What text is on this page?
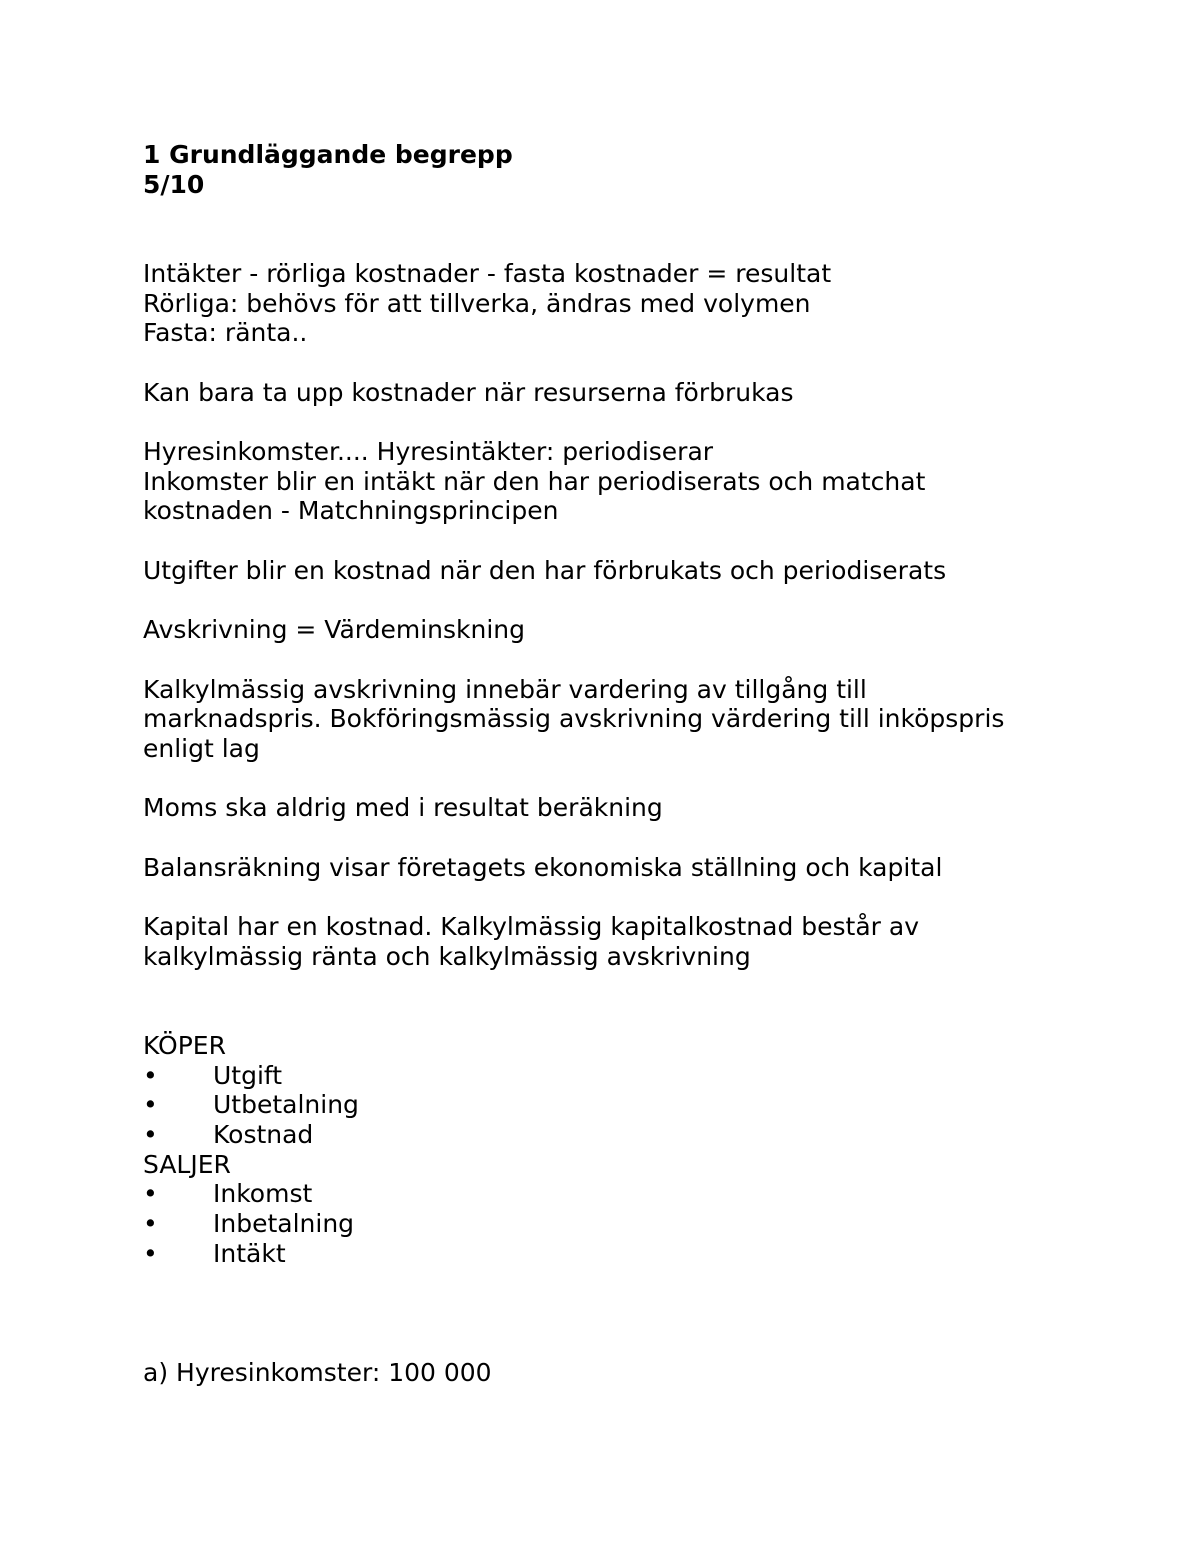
1 Grundläggande begrepp

5/10

Intäkter - rörliga kostnader - fasta kostnader = resultat

Rörliga: behövs för att tillverka, ändras med volymen

Fasta: ränta..

Kan bara ta upp kostnader när resurserna förbrukas

Hyresinkomster.... Hyresintäkter: periodiserar

Inkomster blir en intäkt när den har periodiserats och matchat

kostnaden - Matchningsprincipen

Utgifter blir en kostnad när den har förbrukats och periodiserats

Avskrivning = Värdeminskning

Kalkylmässig avskrivning innebär vardering av tillgång till

marknadspris. Bokföringsmässig avskrivning värdering till inköpspris

enligt lag

Moms ska aldrig med i resultat beräkning

Balansräkning visar företagets ekonomiska ställning och kapital

Kapital har en kostnad. Kalkylmässig kapitalkostnad består av

kalkylmässig ränta och kalkylmässig avskrivning

KÖPER

•	Utgift
•	Utbetalning
•	Kostnad

SALJER

•	Inkomst
•	Inbetalning
•	Intäkt

a) Hyresinkomster: 100 000
